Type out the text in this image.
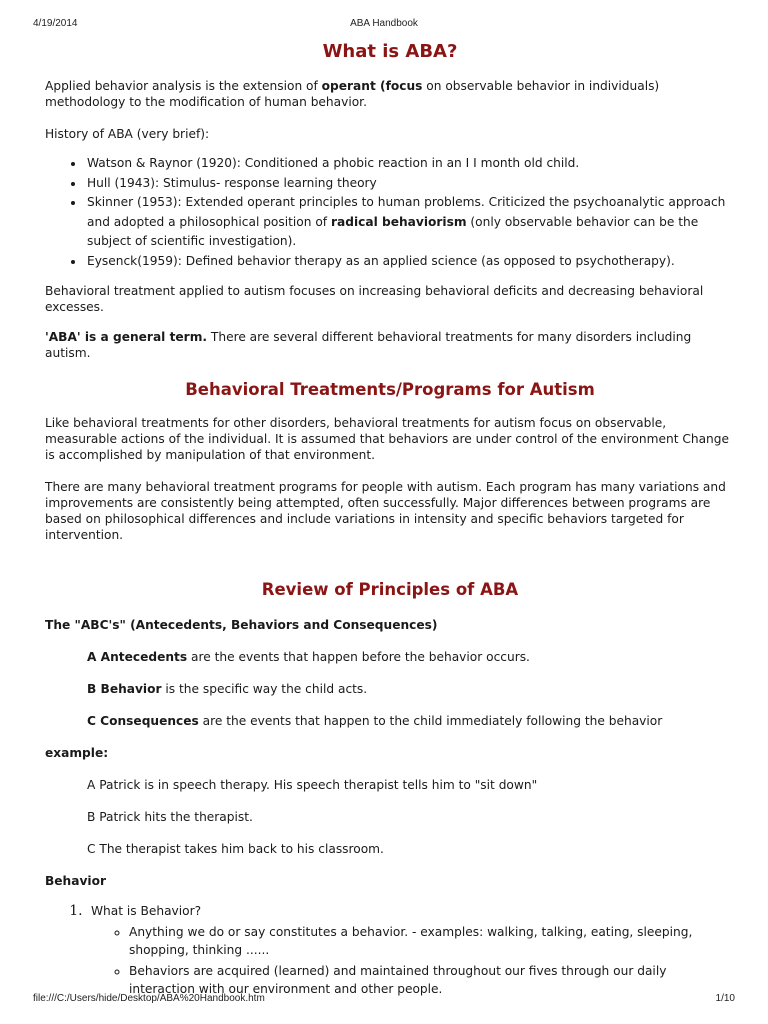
4/19/2014	ABA Handbook
What is ABA?

Applied behavior analysis is the extension of operant (focus on observable behavior in individuals) methodology to the modification of human behavior.

History of ABA (very brief):

• Watson & Raynor (1920): Conditioned a phobic reaction in an I I month old child.
• Hull (1943): Stimulus- response learning theory
• Skinner (1953): Extended operant principles to human problems. Criticized the psychoanalytic approach and adopted a philosophical position of radical behaviorism (only observable behavior can be the subject of scientific investigation).
• Eysenck(1959): Defined behavior therapy as an applied science (as opposed to psychotherapy).

Behavioral treatment applied to autism focuses on increasing behavioral deficits and decreasing behavioral excesses.

'ABA' is a general term. There are several different behavioral treatments for many disorders including autism.

Behavioral Treatments/Programs for Autism

Like behavioral treatments for other disorders, behavioral treatments for autism focus on observable, measurable actions of the individual. It is assumed that behaviors are under control of the environment Change is accomplished by manipulation of that environment.

There are many behavioral treatment programs for people with autism. Each program has many variations and improvements are consistently being attempted, often successfully. Major differences between programs are based on philosophical differences and include variations in intensity and specific behaviors targeted for intervention.

Review of Principles of ABA

The "ABC's" (Antecedents, Behaviors and Consequences)

A Antecedents are the events that happen before the behavior occurs.

B Behavior is the specific way the child acts.

C Consequences are the events that happen to the child immediately following the behavior

example:

A Patrick is in speech therapy. His speech therapist tells him to "sit down"

B Patrick hits the therapist.

C The therapist takes him back to his classroom.

Behavior

1. What is Behavior?
◦ Anything we do or say constitutes a behavior. - examples: walking, talking, eating, sleeping, shopping, thinking ......
◦ Behaviors are acquired (learned) and maintained throughout our fives through our daily interaction with our environment and other people.
file:///C:/Users/hide/Desktop/ABA%20Handbook.htm	1/10
